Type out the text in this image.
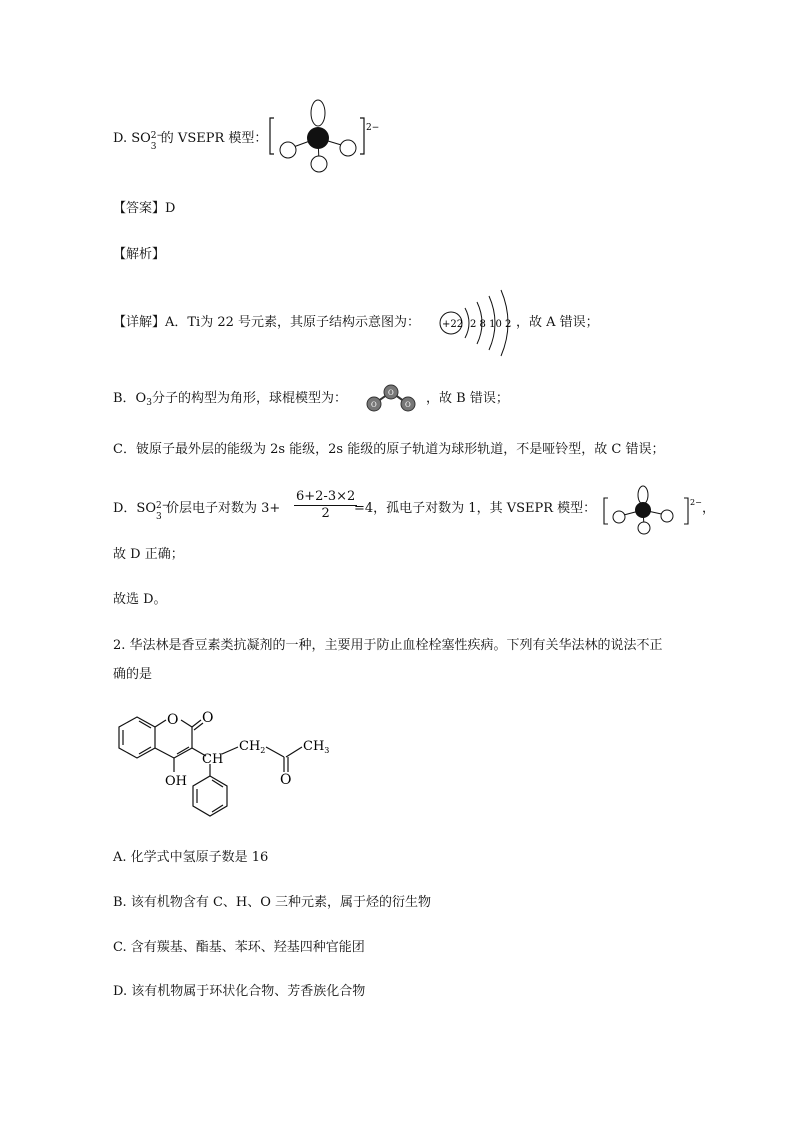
D. SO 2−
3
的 VSEPR 模型：
2−
【答案】D
【解析】
【详解】A．Ti为 22 号元素，其原子结构示意图为： +22 2 8 10 2 ，故 A 错误；
B．$O_3$分子的构型为角形，球棍模型为：	O
O
O ，故 B 错误；
C．铍原子最外层的能级为 2s 能级，2s 能级的原子轨道为球形轨道，不是哑铃型，故 C 错误；
D．SO 2−
3
价层电子对数为 $3+ \frac{6+2-3\times 2}{2}$
=4，孤电子对数为 1，其 VSEPR 模型：	2− ，
故 D 正确；
故选 D。
2. 华法林是香豆素类抗凝剂的一种，主要用于防止血栓栓塞性疾病。下列有关华法林的说法不正
确的是
O O
CH
$CH_2$	$CH_3$
O
OH
A. 化学式中氢原子数是 16
B. 该有机物含有 C、H、O 三种元素，属于烃的衍生物
C. 含有羰基、酯基、苯环、羟基四种官能团
D. 该有机物属于环状化合物、芳香族化合物
